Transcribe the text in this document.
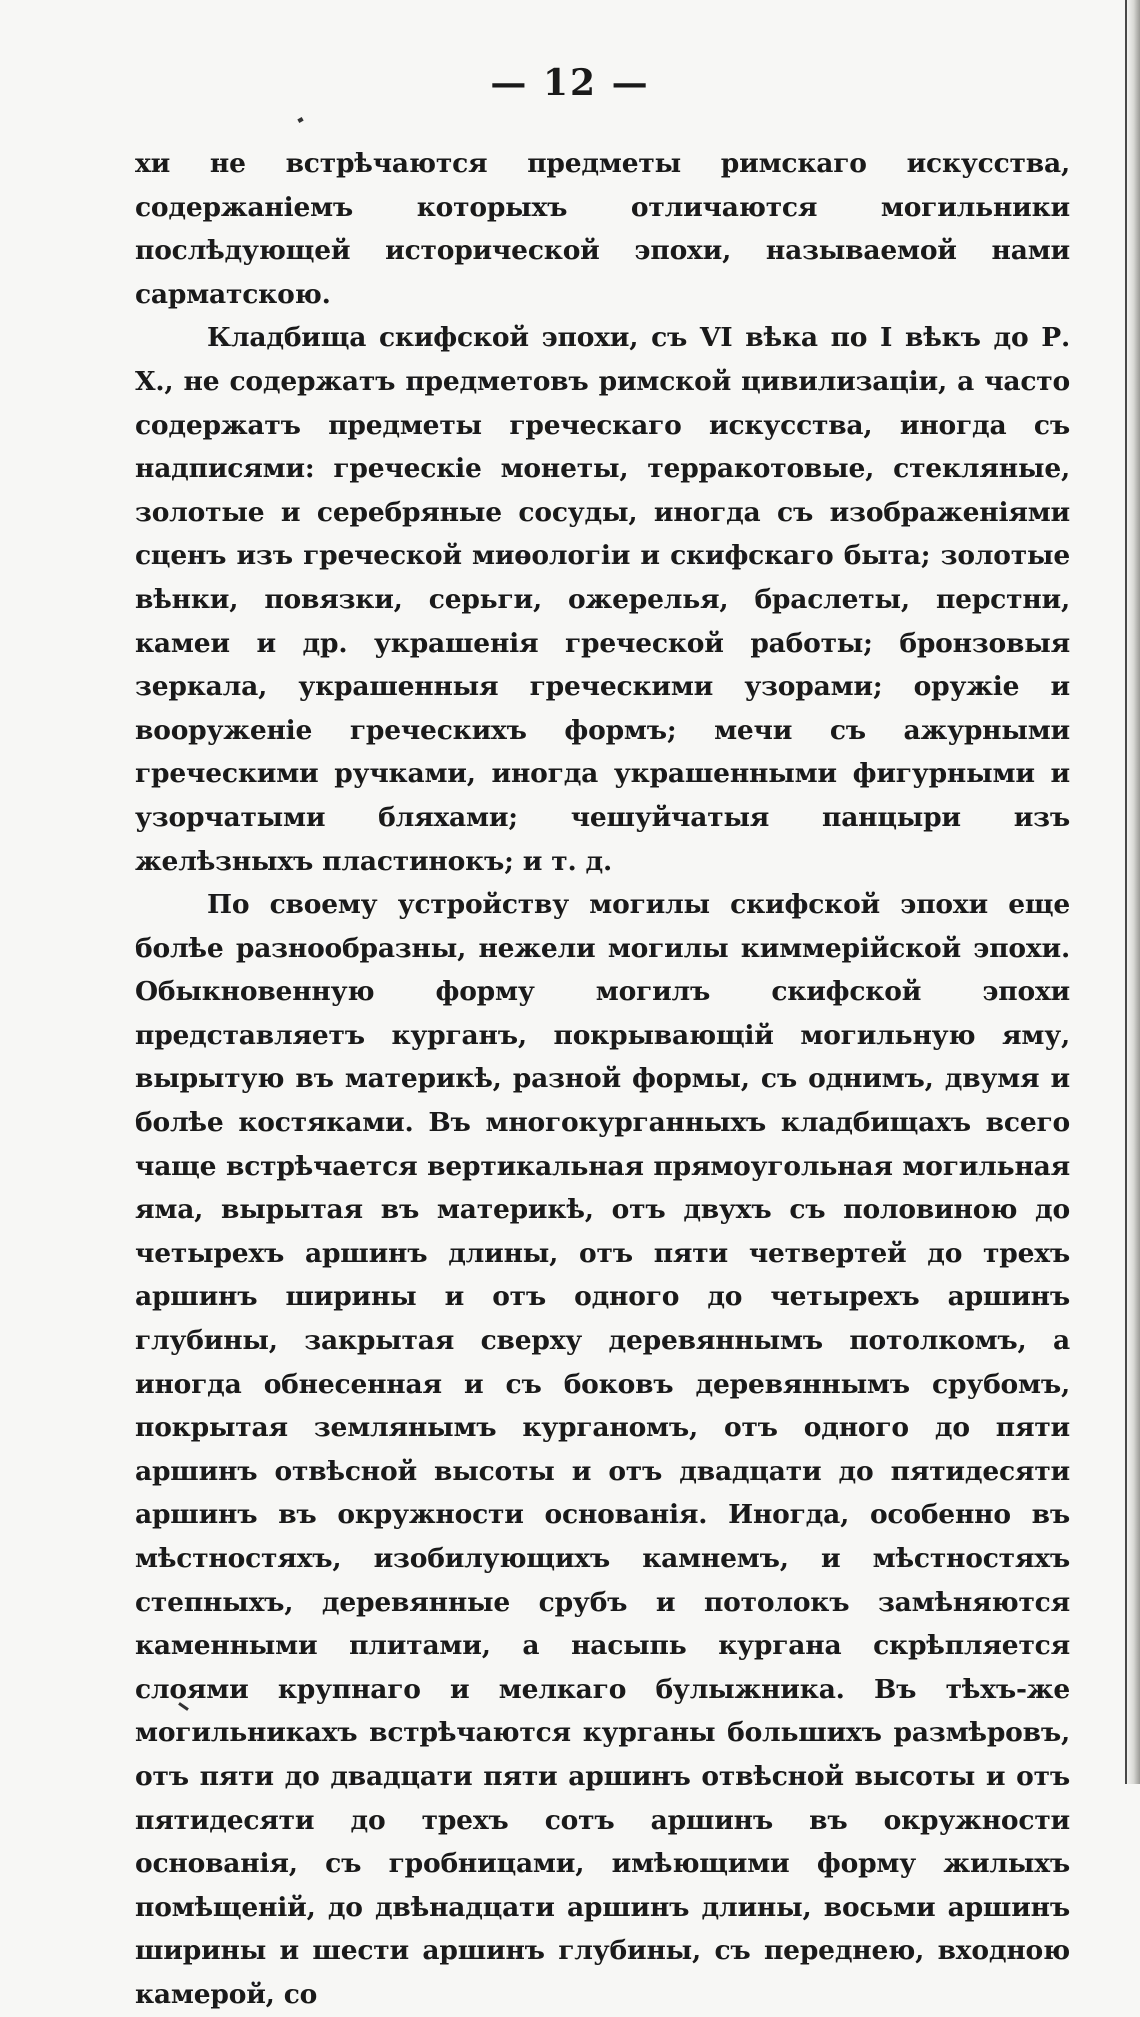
— 12 —

хи не встрѣчаются предметы римскаго искусства, содержаніемъ которыхъ отличаются могильники послѣдующей исторической эпохи, называемой нами сарматскою.

Кладбища скифской эпохи, съ VI вѣка по I вѣкъ до Р. X., не содержатъ предметовъ римской цивилизаціи, а часто содержатъ предметы греческаго искусства, иногда съ надписями: греческіе монеты, терракотовые, стекляные, золотые и серебряные сосуды, иногда съ изображеніями сценъ изъ греческой миѳологіи и скифскаго быта; золотые вѣнки, повязки, серьги, ожерелья, браслеты, перстни, камеи и др. украшенія греческой работы; бронзовыя зеркала, украшенныя греческими узорами; оружіе и вооруженіе греческихъ формъ; мечи съ ажурными греческими ручками, иногда украшенными фигурными и узорчатыми бляхами; чешуйчатыя панцыри изъ желѣзныхъ пластинокъ; и т. д.

По своему устройству могилы скифской эпохи еще болѣе разнообразны, нежели могилы киммерійской эпохи. Обыкновенную форму могилъ скифской эпохи представляетъ курганъ, покрывающій могильную яму, вырытую въ материкѣ, разной формы, съ однимъ, двумя и болѣе костяками. Въ многокурганныхъ кладбищахъ всего чаще встрѣчается вертикальная прямоугольная могильная яма, вырытая въ материкѣ, отъ двухъ съ половиною до четырехъ аршинъ длины, отъ пяти четвертей до трехъ аршинъ ширины и отъ одного до четырехъ аршинъ глубины, закрытая сверху деревяннымъ потолкомъ, а иногда обнесенная и съ боковъ деревяннымъ срубомъ, покрытая землянымъ курганомъ, отъ одного до пяти аршинъ отвѣсной высоты и отъ двадцати до пятидесяти аршинъ въ окружности основанія. Иногда, особенно въ мѣстностяхъ, изобилующихъ камнемъ, и мѣстностяхъ степныхъ, деревянные срубъ и потолокъ замѣняются каменными плитами, а насыпь кургана скрѣпляется слоями крупнаго и мелкаго булыжника. Въ тѣхъ-же могильникахъ встрѣчаются курганы большихъ размѣровъ, отъ пяти до двадцати пяти аршинъ отвѣсной высоты и отъ пятидесяти до трехъ сотъ аршинъ въ окружности основанія, съ гробницами, имѣющими форму жилыхъ помѣщеній, до двѣнадцати аршинъ длины, восьми аршинъ ширины и шести аршинъ глубины, съ переднею, входною камерой, со
